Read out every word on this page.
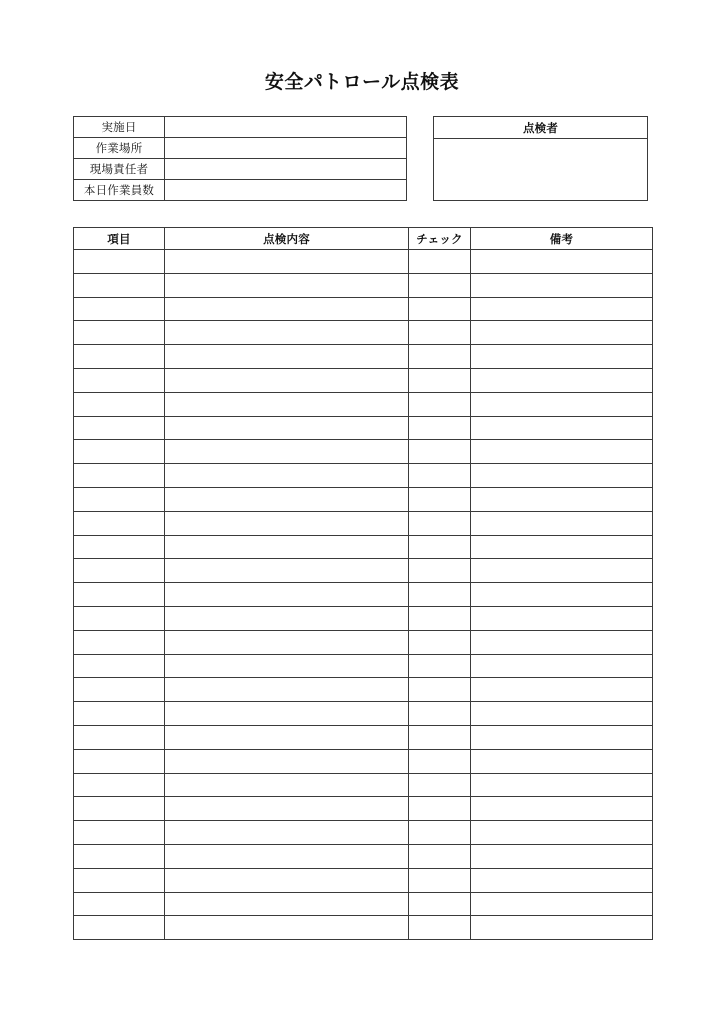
安全パトロール点検表
実施日	
作業場所	
現場責任者	
本日作業員数	
点検者

項目	点検内容	チェック	備考
